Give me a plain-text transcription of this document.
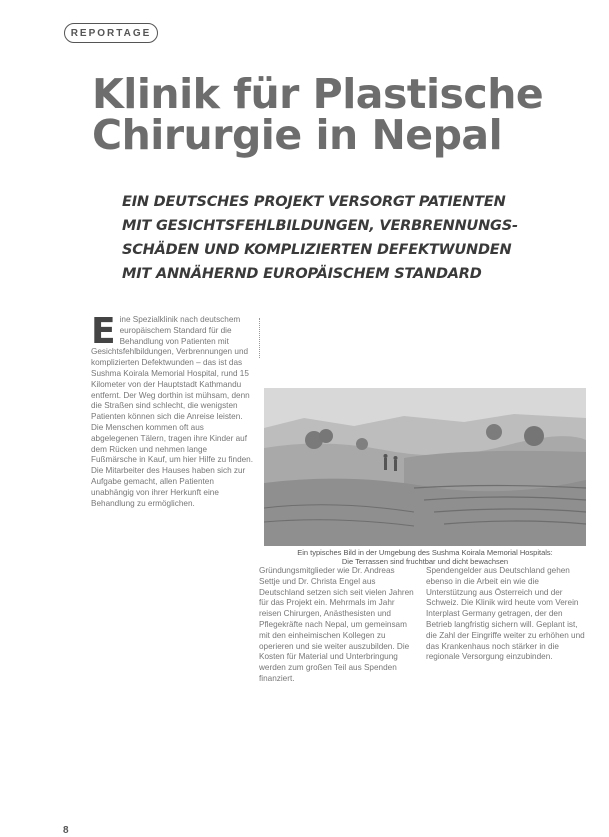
REPORTAGE
Klinik für Plastische
Chirurgie in Nepal

EIN DEUTSCHES PROJEKT VERSORGT PATIENTEN
MIT GESICHTSFEHLBILDUNGEN, VERBRENNUNGS-
SCHÄDEN UND KOMPLIZIERTEN DEFEKTWUNDEN
MIT ANNÄHERND EUROPÄISCHEM STANDARD

E ine Spezialklinik nach deutschem europäischem Standard für die Behandlung von Patienten mit Gesichtsfehlbildungen, Verbrennungen und komplizierten Defektwunden – das ist das Sushma Koirala Memorial Hospital, rund 15 Kilometer von der Hauptstadt Kathmandu entfernt. Der Weg dorthin ist mühsam, denn die Straßen sind schlecht, die wenigsten Patienten können sich die Anreise leisten. Die Menschen kommen oft aus abgelegenen Tälern, tragen ihre Kinder auf dem Rücken und nehmen lange Fußmärsche in Kauf, um hier Hilfe zu finden. Die Mitarbeiter des Hauses haben sich zur Aufgabe gemacht, allen Patienten unabhängig von ihrer Herkunft eine Behandlung zu ermöglichen.

Ein typisches Bild in der Umgebung des Sushma Koirala Memorial Hospitals:
Die Terrassen sind fruchtbar und dicht bewachsen

Gründungsmitglieder wie Dr. Andreas Settje und Dr. Christa Engel aus Deutschland setzen sich seit vielen Jahren für das Projekt ein. Mehrmals im Jahr reisen Chirurgen, Anästhesisten und Pflegekräfte nach Nepal, um gemeinsam mit den einheimischen Kollegen zu operieren und sie weiter auszubilden. Die Kosten für Material und Unterbringung werden zum großen Teil aus Spenden finanziert.

Spendengelder aus Deutschland gehen ebenso in die Arbeit ein wie die Unterstützung aus Österreich und der Schweiz. Die Klinik wird heute vom Verein Interplast Germany getragen, der den Betrieb langfristig sichern will. Geplant ist, die Zahl der Eingriffe weiter zu erhöhen und das Krankenhaus noch stärker in die regionale Versorgung einzubinden.

8
